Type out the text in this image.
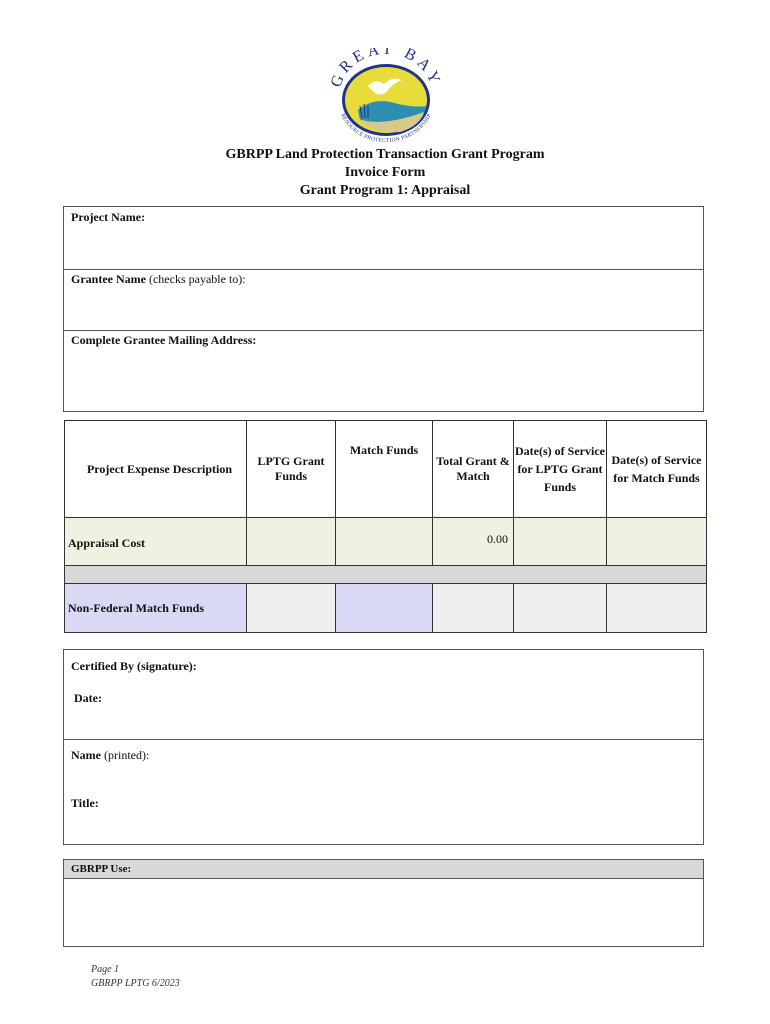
GREAT BAY
RESOURCE PROTECTION PARTNERSHIP
GBRPP Land Protection Transaction Grant Program
Invoice Form
Grant Program 1: Appraisal
Project Name:
Grantee Name (checks payable to):
Complete Grantee Mailing Address:
Project Expense Description	LPTG Grant Funds	Match Funds	Total Grant & Match	Date(s) of Service for LPTG Grant Funds	Date(s) of Service for Match Funds
Appraisal Cost			0.00		

Non-Federal Match Funds					
Certified By (signature):
Date:
Name (printed):
Title:
GBRPP Use:
Page 1
GBRPP LPTG 6/2023
